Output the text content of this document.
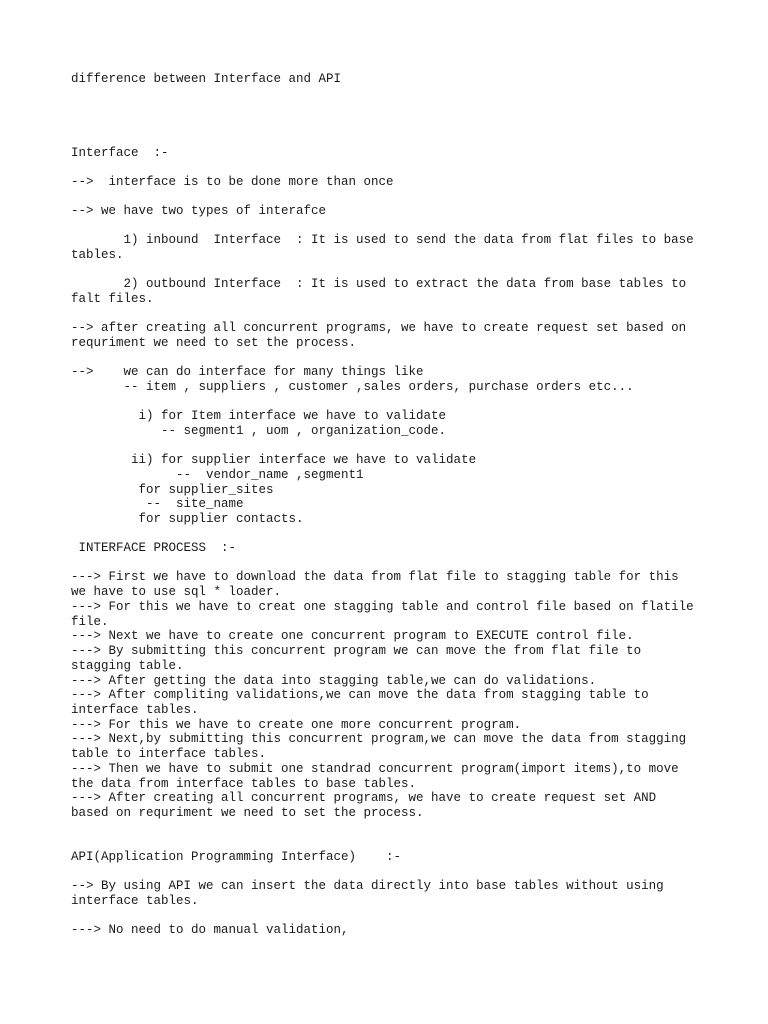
difference between Interface and API

Interface  :-

-->  interface is to be done more than once

--> we have two types of interafce

1) inbound  Interface  : It is used to send the data from flat files to base

tables.

2) outbound Interface  : It is used to extract the data from base tables to

falt files.

--> after creating all concurrent programs, we have to create request set based on

requriment we need to set the process.

-->    we can do interface for many things like

-- item , suppliers , customer ,sales orders, purchase orders etc...

i) for Item interface we have to validate

-- segment1 , uom , organization_code.

ii) for supplier interface we have to validate

--  vendor_name ,segment1

for supplier_sites

--  site_name

for supplier contacts.

INTERFACE PROCESS  :-

---> First we have to download the data from flat file to stagging table for this

we have to use sql * loader.

---> For this we have to creat one stagging table and control file based on flatile

file.

---> Next we have to create one concurrent program to EXECUTE control file.

---> By submitting this concurrent program we can move the from flat file to

stagging table.

---> After getting the data into stagging table,we can do validations.

---> After compliting validations,we can move the data from stagging table to

interface tables.

---> For this we have to create one more concurrent program.

---> Next,by submitting this concurrent program,we can move the data from stagging

table to interface tables.

---> Then we have to submit one standrad concurrent program(import items),to move

the data from interface tables to base tables.

---> After creating all concurrent programs, we have to create request set AND

based on requriment we need to set the process.

API(Application Programming Interface)    :-

--> By using API we can insert the data directly into base tables without using

interface tables.

---> No need to do manual validation,
